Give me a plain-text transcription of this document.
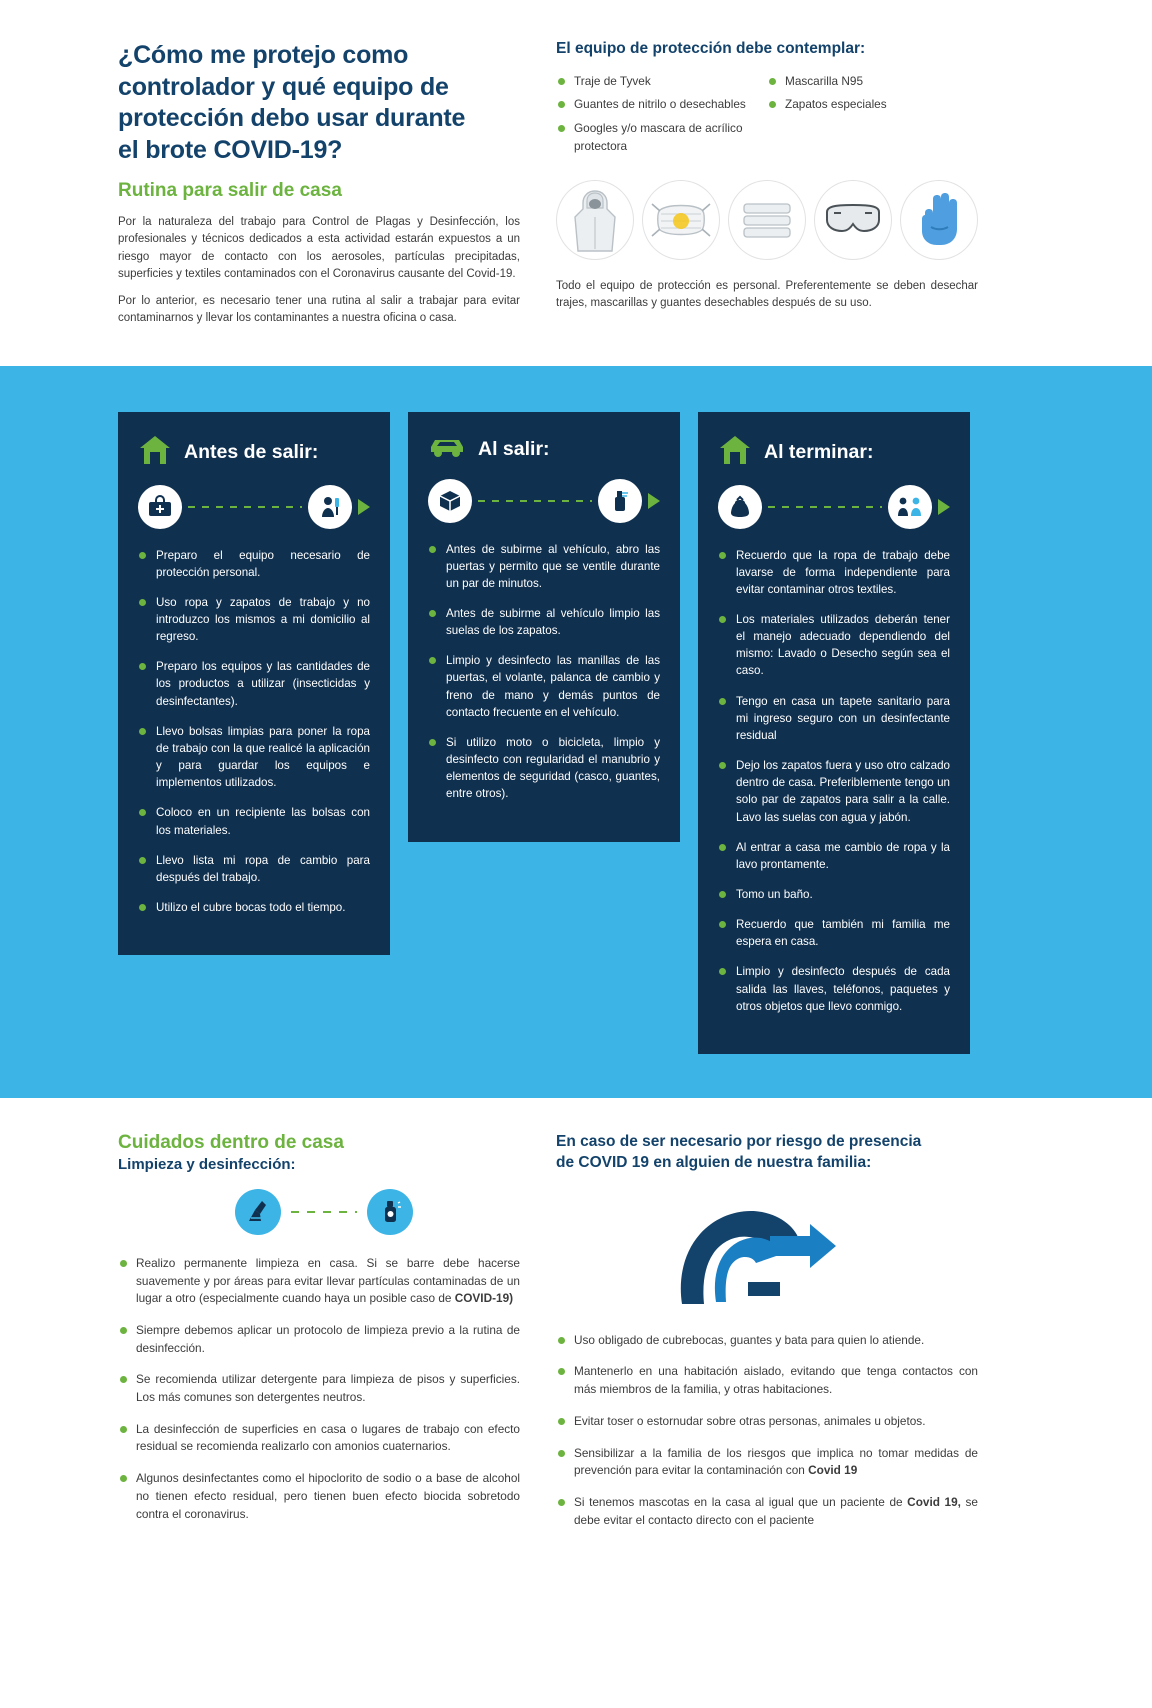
¿Cómo me protejo como
controlador y qué equipo de
protección debo usar durante
el brote COVID-19?
Rutina para salir de casa

Por la naturaleza del trabajo para Control de Plagas y Desinfección, los profesionales y técnicos dedicados a esta actividad estarán expuestos a un riesgo mayor de contacto con los aerosoles, partículas precipitadas, superficies y textiles contaminados con el Coronavirus causante del Covid-19.

Por lo anterior, es necesario tener una rutina al salir a trabajar para evitar contaminarnos y llevar los contaminantes a nuestra oficina o casa.

El equipo de protección debe contemplar:
Traje de Tyvek
Guantes de nitrilo o desechables
Googles y/o mascara de acrílico protectora
Mascarilla N95
Zapatos especiales

Todo el equipo de protección es personal. Preferentemente se deben desechar trajes, mascarillas y guantes desechables después de su uso.

Antes de salir:
Preparo el equipo necesario de protección personal.
Uso ropa y zapatos de trabajo y no introduzco los mismos a mi domicilio al regreso.
Preparo los equipos y las cantidades de los productos a utilizar (insecticidas y desinfectantes).
Llevo bolsas limpias para poner la ropa de trabajo con la que realicé la aplicación y para guardar los equipos e implementos utilizados.
Coloco en un recipiente las bolsas con los materiales.
Llevo lista mi ropa de cambio para después del trabajo.
Utilizo el cubre bocas todo el tiempo.
Al salir:
Antes de subirme al vehículo, abro las puertas y permito que se ventile durante un par de minutos.
Antes de subirme al vehículo limpio las suelas de los zapatos.
Limpio y desinfecto las manillas de las puertas, el volante, palanca de cambio y freno de mano y demás puntos de contacto frecuente en el vehículo.
Si utilizo moto o bicicleta, limpio y desinfecto con regularidad el manubrio y elementos de seguridad (casco, guantes, entre otros).
Al terminar:
Recuerdo que la ropa de trabajo debe lavarse de forma independiente para evitar contaminar otros textiles.
Los materiales utilizados deberán tener el manejo adecuado dependiendo del mismo: Lavado o Desecho según sea el caso.
Tengo en casa un tapete sanitario para mi ingreso seguro con un desinfectante residual
Dejo los zapatos fuera y uso otro calzado dentro de casa. Preferiblemente tengo un solo par de zapatos para salir a la calle. Lavo las suelas con agua y jabón.
Al entrar a casa me cambio de ropa y la lavo prontamente.
Tomo un baño.
Recuerdo que también mi familia me espera en casa.
Limpio y desinfecto después de cada salida las llaves, teléfonos, paquetes y otros objetos que llevo conmigo.
Cuidados dentro de casa
Limpieza y desinfección:
Realizo permanente limpieza en casa. Si se barre debe hacerse suavemente y por áreas para evitar llevar partículas contaminadas de un lugar a otro (especialmente cuando haya un posible caso de COVID-19)
Siempre debemos aplicar un protocolo de limpieza previo a la rutina de desinfección.
Se recomienda utilizar detergente para limpieza de pisos y superficies. Los más comunes son detergentes neutros.
La desinfección de superficies en casa o lugares de trabajo con efecto residual se recomienda realizarlo con amonios cuaternarios.
Algunos desinfectantes como el hipoclorito de sodio o a base de alcohol no tienen efecto residual, pero tienen buen efecto biocida sobretodo contra el coronavirus.
En caso de ser necesario por riesgo de presencia
de COVID 19 en alguien de nuestra familia:
Uso obligado de cubrebocas, guantes y bata para quien lo atiende.
Mantenerlo en una habitación aislado, evitando que tenga contactos con más miembros de la familia, y otras habitaciones.
Evitar toser o estornudar sobre otras personas, animales u objetos.
Sensibilizar a la familia de los riesgos que implica no tomar medidas de prevención para evitar la contaminación con Covid 19
Si tenemos mascotas en la casa al igual que un paciente de Covid 19, se debe evitar el contacto directo con el paciente
